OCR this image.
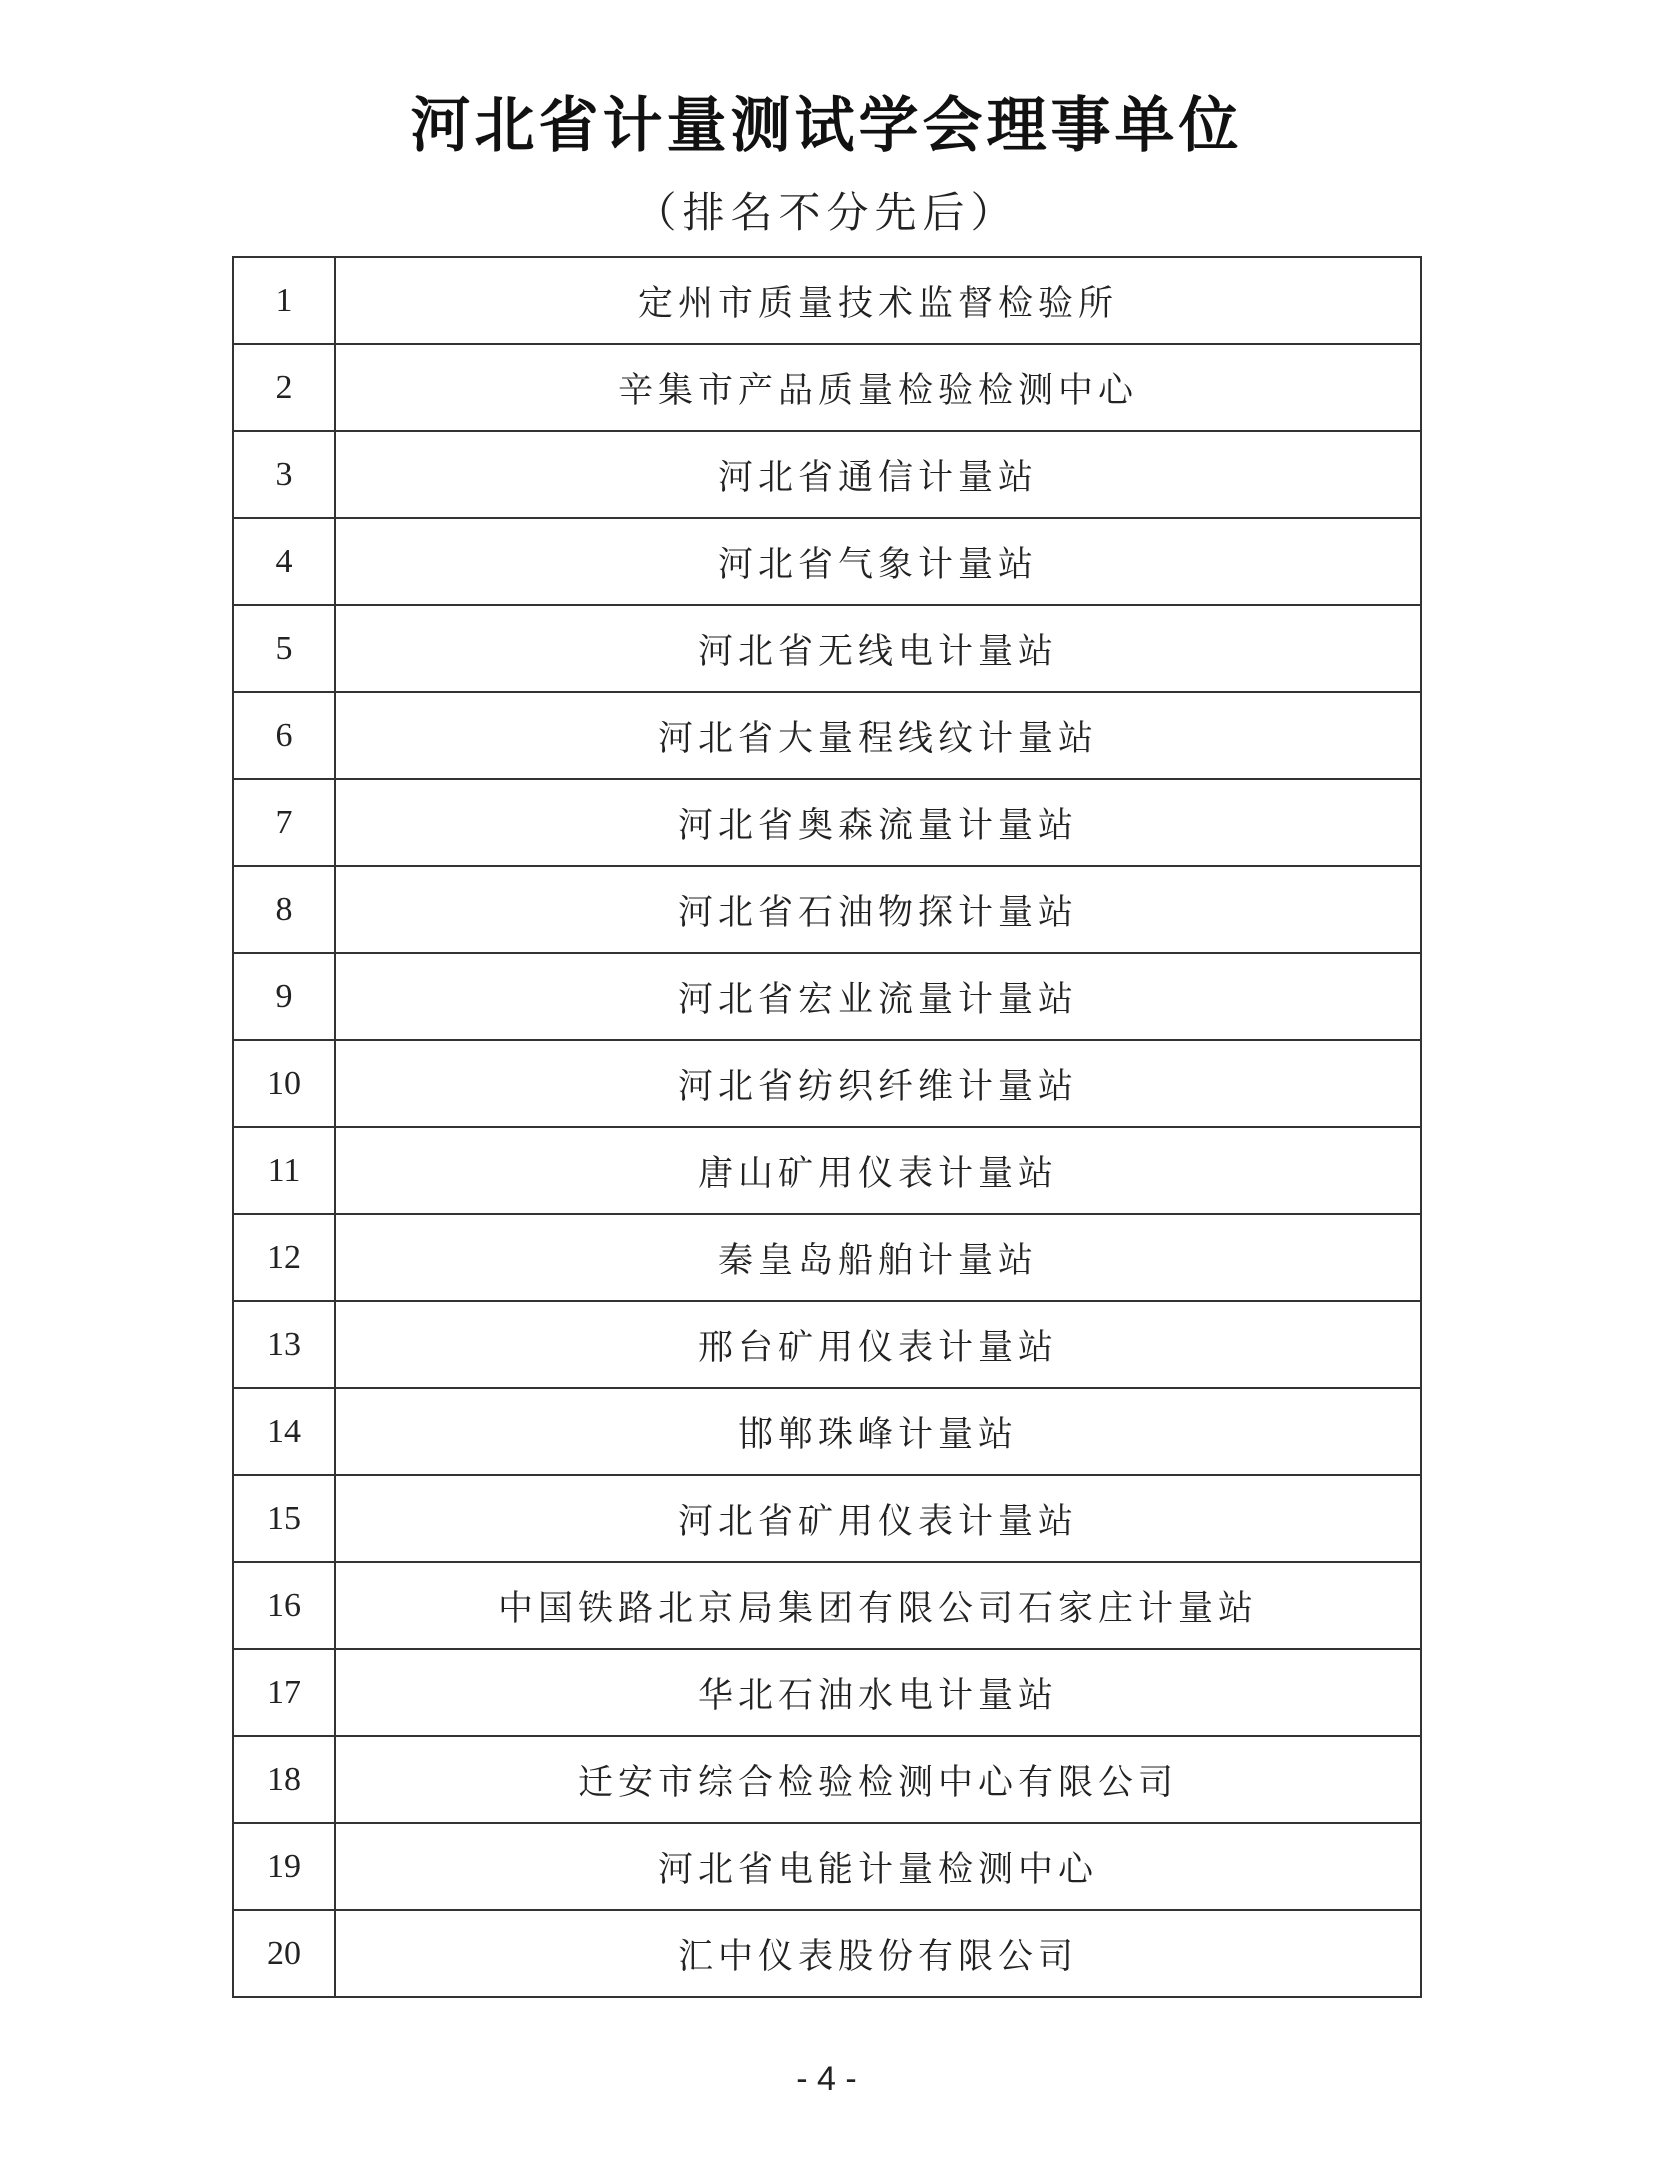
河北省计量测试学会理事单位
（排名不分先后）
1	定州市质量技术监督检验所
2	辛集市产品质量检验检测中心
3	河北省通信计量站
4	河北省气象计量站
5	河北省无线电计量站
6	河北省大量程线纹计量站
7	河北省奥森流量计量站
8	河北省石油物探计量站
9	河北省宏业流量计量站
10	河北省纺织纤维计量站
11	唐山矿用仪表计量站
12	秦皇岛船舶计量站
13	邢台矿用仪表计量站
14	邯郸珠峰计量站
15	河北省矿用仪表计量站
16	中国铁路北京局集团有限公司石家庄计量站
17	华北石油水电计量站
18	迁安市综合检验检测中心有限公司
19	河北省电能计量检测中心
20	汇中仪表股份有限公司
- 4 -
